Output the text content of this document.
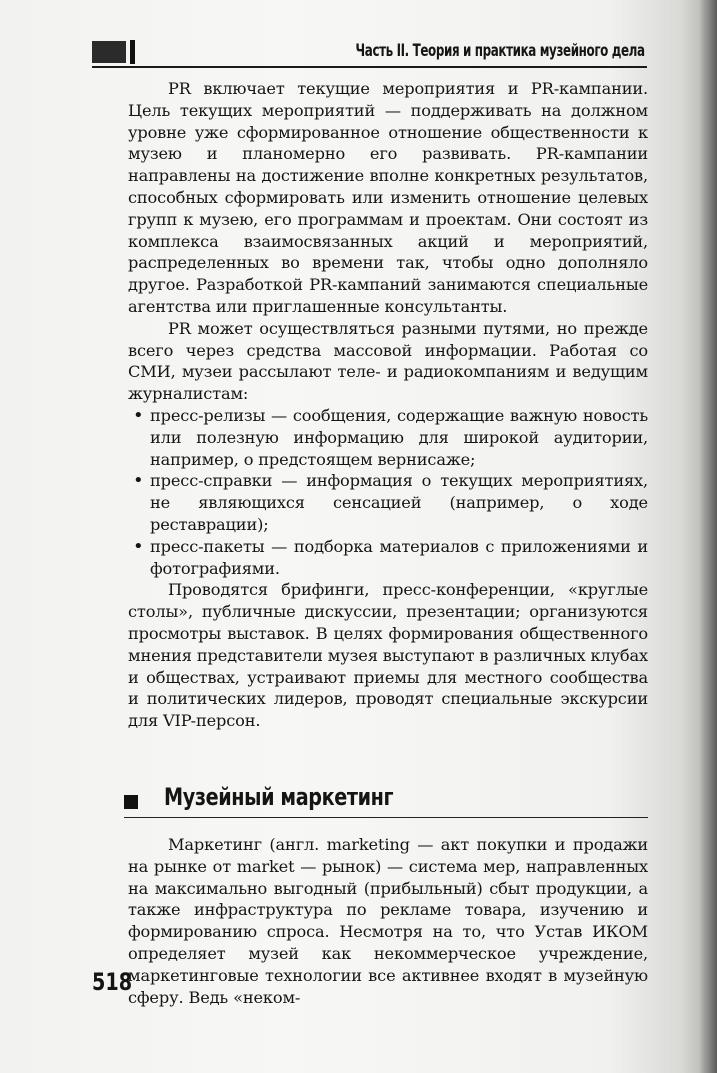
Часть II. Теория и практика музейного дела

PR включает текущие мероприятия и PR-кампании. Цель текущих мероприятий — поддерживать на должном уровне уже сформированное отношение общественности к музею и планомерно его развивать. PR-кампании направлены на достижение вполне конкретных результатов, способных сформировать или изменить отношение целевых групп к музею, его программам и проектам. Они состоят из комплекса взаимосвязанных акций и мероприятий, распределенных во времени так, чтобы одно дополняло другое. Разработкой PR-кампаний занимаются специальные агентства или приглашенные консультанты.

PR может осуществляться разными путями, но прежде всего через средства массовой информации. Работая со СМИ, музеи рассылают теле- и радиокомпаниям и ведущим журналистам:

• пресс-релизы — сообщения, содержащие важную новость или полезную информацию для широкой аудитории, например, о предстоящем вернисаже;
• пресс-справки — информация о текущих мероприятиях, не являющихся сенсацией (например, о ходе реставрации);
• пресс-пакеты — подборка материалов с приложениями и фотографиями.

Проводятся брифинги, пресс-конференции, «круглые столы», публичные дискуссии, презентации; организуются просмотры выставок. В целях формирования общественного мнения представители музея выступают в различных клубах и обществах, устраивают приемы для местного сообщества и политических лидеров, проводят специальные экскурсии для VIP-персон.

Музейный маркетинг

Маркетинг (англ. marketing — акт покупки и продажи на рынке от market — рынок) — система мер, направленных на максимально выгодный (прибыльный) сбыт продукции, а также инфраструктура по рекламе товара, изучению и формированию спроса. Несмотря на то, что Устав ИКОМ определяет музей как некоммерческое учреждение, маркетинговые технологии все активнее входят в музейную сферу. Ведь «неком-

518
